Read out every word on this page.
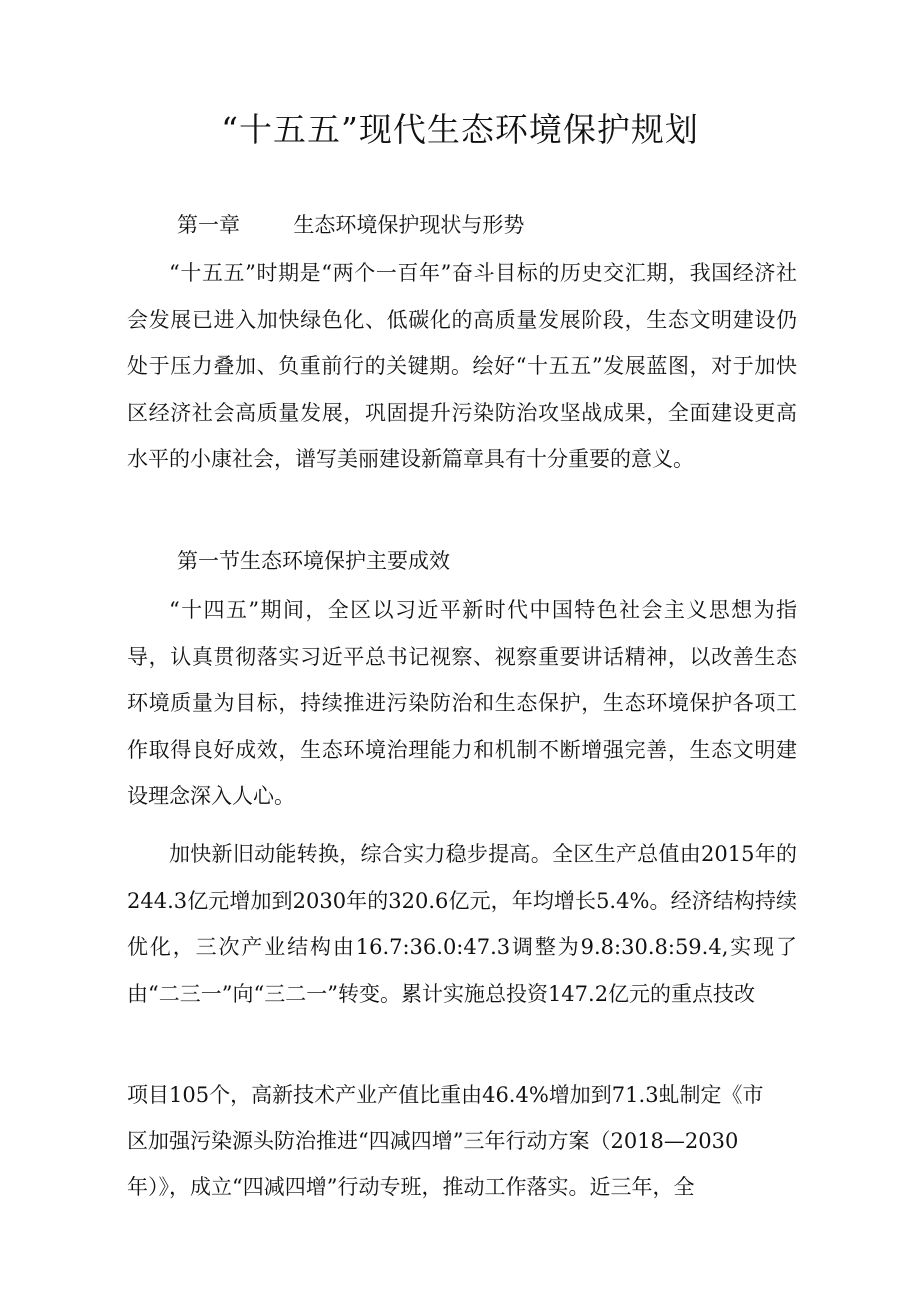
“十五五”现代生态环境保护规划
第一章        生态环境保护现状与形势
“十五五”时期是“两个一百年”奋斗目标的历史交汇期，我国经济社会发展已进入加快绿色化、低碳化的高质量发展阶段，生态文明建设仍处于压力叠加、负重前行的关键期。绘好“十五五”发展蓝图，对于加快区经济社会高质量发展，巩固提升污染防治攻坚战成果，全面建设更高水平的小康社会，谱写美丽建设新篇章具有十分重要的意义。
第一节生态环境保护主要成效
“十四五”期间，全区以习近平新时代中国特色社会主义思想为指导，认真贯彻落实习近平总书记视察、视察重要讲话精神，以改善生态环境质量为目标，持续推进污染防治和生态保护，生态环境保护各项工作取得良好成效，生态环境治理能力和机制不断增强完善，生态文明建设理念深入人心。
加快新旧动能转换，综合实力稳步提高。全区生产总值由2015年的244.3亿元增加到2030年的320.6亿元，年均增长5.4%。经济结构持续优化，三次产业结构由16.7:36.0:47.3调整为9.8:30.8:59.4,实现了由“二三一”向“三二一”转变。累计实施总投资147.2亿元的重点技改
项目105个，高新技术产业产值比重由46.4%增加到71.3虬制定《市
区加强污染源头防治推进“四减四增”三年行动方案（2018—2030
年）》，成立“四减四增”行动专班，推动工作落实。近三年，全
